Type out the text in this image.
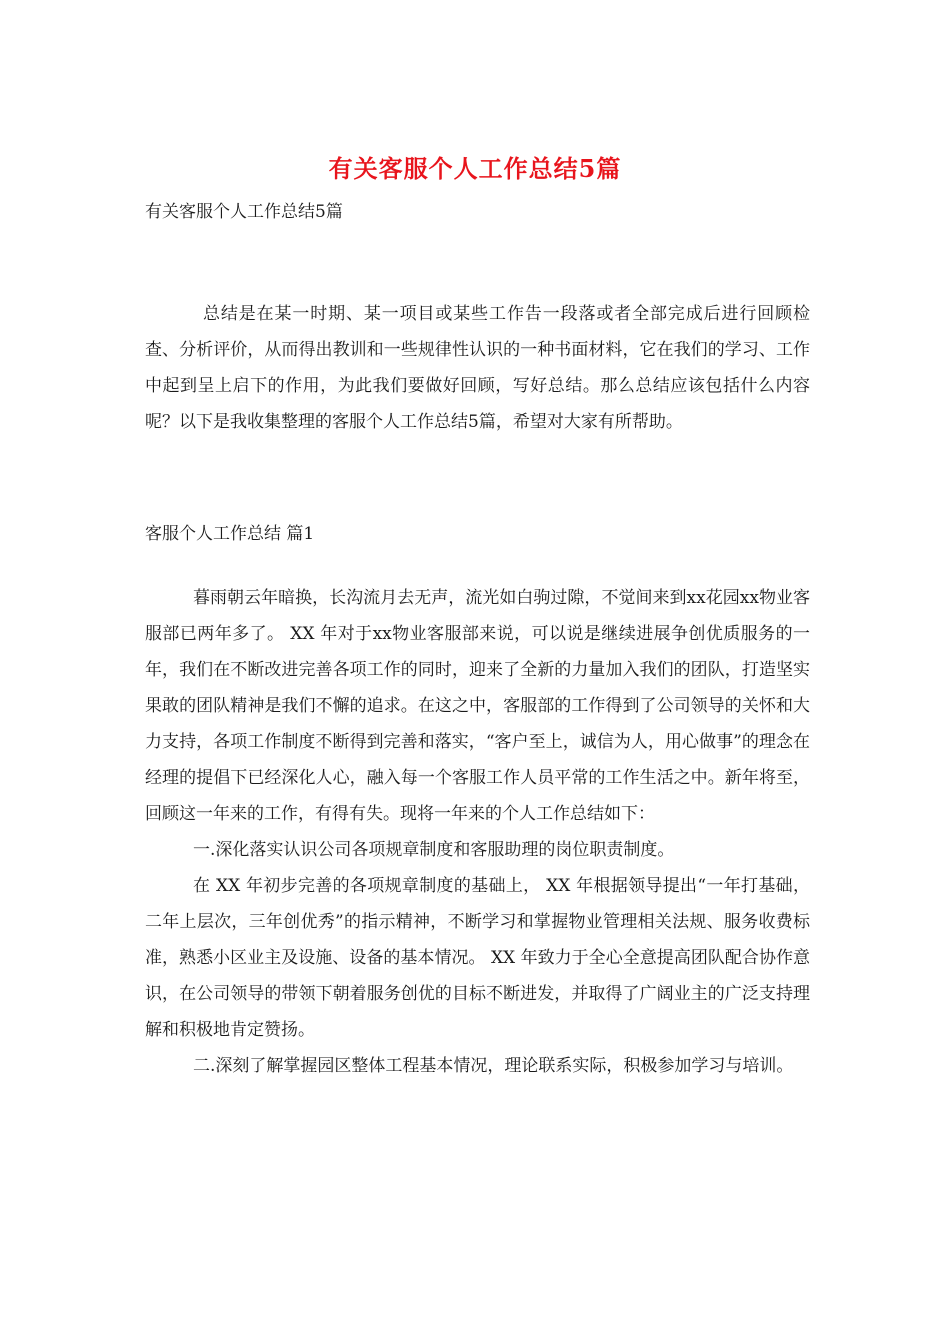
有关客服个人工作总结5篇
有关客服个人工作总结5篇

总结是在某一时期、某一项目或某些工作告一段落或者全部完成后进行回顾检查、分析评价，从而得出教训和一些规律性认识的一种书面材料，它在我们的学习、工作中起到呈上启下的作用，为此我们要做好回顾，写好总结。那么总结应该包括什么内容呢？以下是我收集整理的客服个人工作总结5篇，希望对大家有所帮助。

客服个人工作总结 篇1

暮雨朝云年暗换，长沟流月去无声，流光如白驹过隙，不觉间来到xx花园xx物业客服部已两年多了。 XX 年对于xx物业客服部来说，可以说是继续进展争创优质服务的一年，我们在不断改进完善各项工作的同时，迎来了全新的力量加入我们的团队，打造坚实果敢的团队精神是我们不懈的追求。在这之中，客服部的工作得到了公司领导的关怀和大力支持，各项工作制度不断得到完善和落实，“客户至上，诚信为人，用心做事”的理念在经理的提倡下已经深化人心，融入每一个客服工作人员平常的工作生活之中。新年将至，回顾这一年来的工作，有得有失。现将一年来的个人工作总结如下：

一.深化落实认识公司各项规章制度和客服助理的岗位职责制度。

在 XX 年初步完善的各项规章制度的基础上， XX 年根据领导提出“一年打基础，二年上层次，三年创优秀”的指示精神，不断学习和掌握物业管理相关法规、服务收费标准，熟悉小区业主及设施、设备的基本情况。 XX 年致力于全心全意提高团队配合协作意识，在公司领导的带领下朝着服务创优的目标不断进发，并取得了广阔业主的广泛支持理解和积极地肯定赞扬。

二.深刻了解掌握园区整体工程基本情况，理论联系实际，积极参加学习与培训。
